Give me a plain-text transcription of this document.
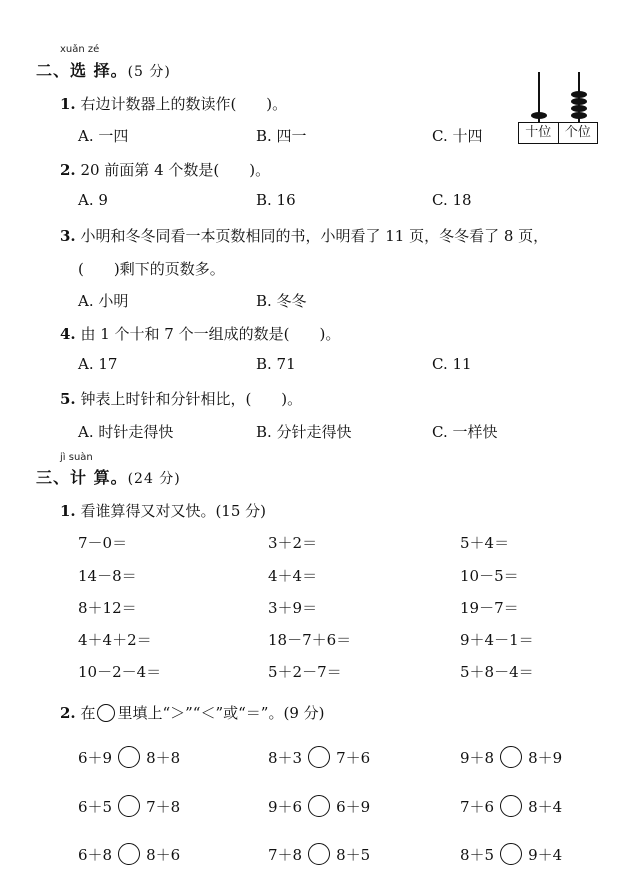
xuǎn zé
二、选 择。(5 分)
十位	个位
1. 右边计数器上的数读作(　　)。
A. 一四	B. 四一	C. 十四
2. 20 前面第 4 个数是(　　)。
A. 9	B. 16	C. 18
3. 小明和冬冬同看一本页数相同的书，小明看了 11 页，冬冬看了 8 页，
(　　)剩下的页数多。
A. 小明	B. 冬冬
4. 由 1 个十和 7 个一组成的数是(　　)。
A. 17	B. 71	C. 11
5. 钟表上时针和分针相比，(　　)。
A. 时针走得快	B. 分针走得快	C. 一样快
jì suàn
三、计 算。(24 分)
1. 看谁算得又对又快。(15 分)
7－0＝	3＋2＝	5＋4＝
14－8＝	4＋4＝	10－5＝
8＋12＝	3＋9＝	19－7＝
4＋4＋2＝	18－7＋6＝	9＋4－1＝
10－2－4＝	5＋2－7＝	5＋8－4＝
2. 在 里填上“＞”“＜”或“＝”。(9 分)
6＋9 8＋8	8＋3 7＋6	9＋8 8＋9
6＋5 7＋8	9＋6 6＋9	7＋6 8＋4
6＋8 8＋6	7＋8 8＋5	8＋5 9＋4
